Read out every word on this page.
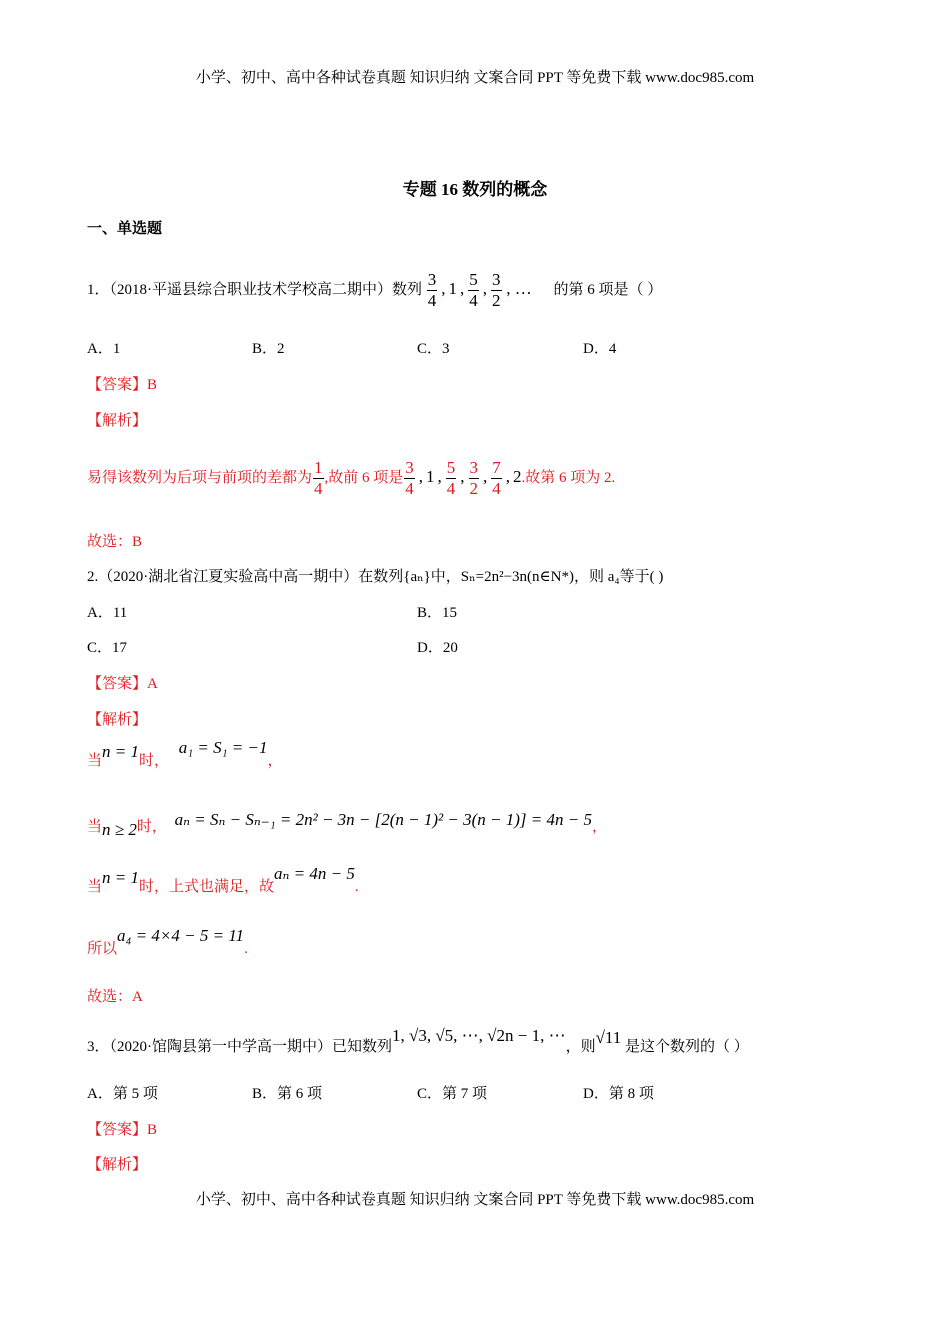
小学、初中、高中各种试卷真题 知识归纳 文案合同 PPT 等免费下载 www.doc985.com
专题 16 数列的概念
一、单选题
1．（2018·平遥县综合职业技术学校高二期中）数列 $\frac{3}{4}$ , 1 , $\frac{5}{4}$ , $\frac{3}{2}$ , … 的第 6 项是（ ）
A．1	B．2	C．3	D．4
【答案】B
【解析】
易得该数列为后项与前项的差都为 $\frac{1}{4}$ ,故前 6 项是 $\frac{3}{4}$ , 1 , $\frac{5}{4}$ , $\frac{3}{2}$ , $\frac{7}{4}$ , 2.故第 6 项为 2.
故选：B
2.（2020·湖北省江夏实验高中高一期中）在数列{aₙ}中，Sₙ=2n²−3n(n∈N*)，则 a₄等于( )
A．11	B．15
C．17	D．20
【答案】A
【解析】
当n = 1时， a₁ = S₁ = −1，
当n ≥ 2时， aₙ = Sₙ − Sₙ₋₁ = 2n² − 3n − [2(n − 1)² − 3(n − 1)] = 4n − 5，
当n = 1时，上式也满足，故aₙ = 4n − 5.
所以a₄ = 4×4 − 5 = 11.
故选：A
3．（2020·馆陶县第一中学高一期中）已知数列1, √3, √5, ⋯, √2n − 1, ⋯，则√11 是这个数列的（ ）
A．第 5 项	B．第 6 项	C．第 7 项	D．第 8 项
【答案】B
【解析】
小学、初中、高中各种试卷真题 知识归纳 文案合同 PPT 等免费下载 www.doc985.com
